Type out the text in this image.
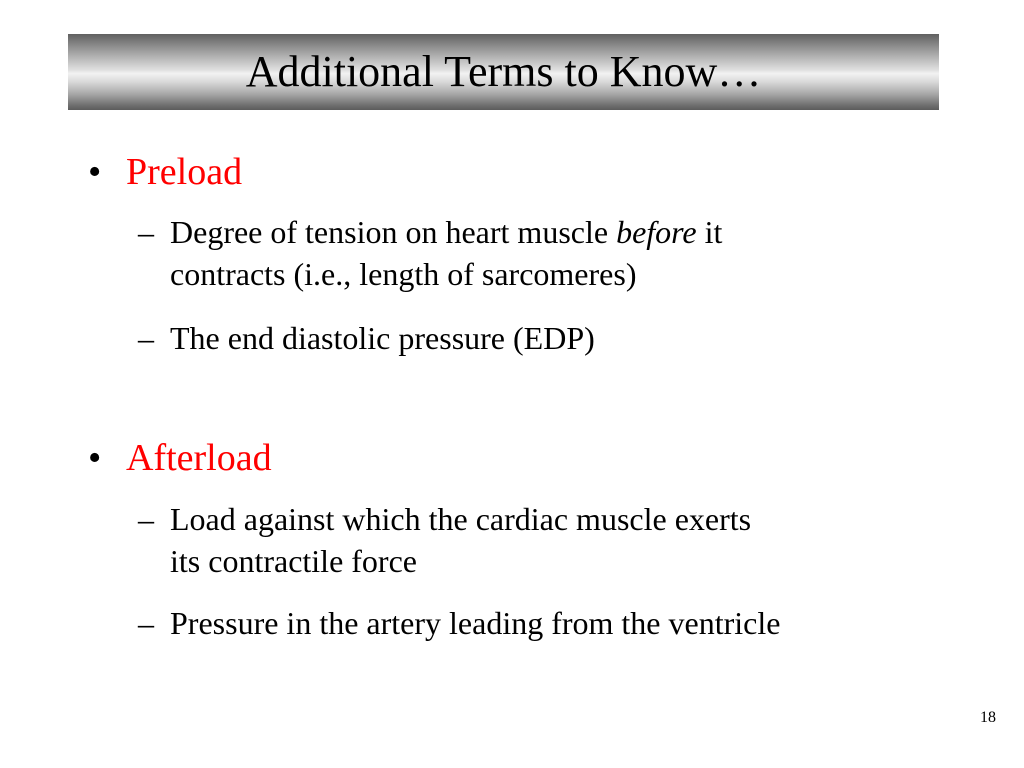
Additional Terms to Know…
• Preload
– Degree of tension on heart muscle before it
contracts (i.e., length of sarcomeres)
– The end diastolic pressure (EDP)
• Afterload
– Load against which the cardiac muscle exerts
its contractile force
– Pressure in the artery leading from the ventricle
18
